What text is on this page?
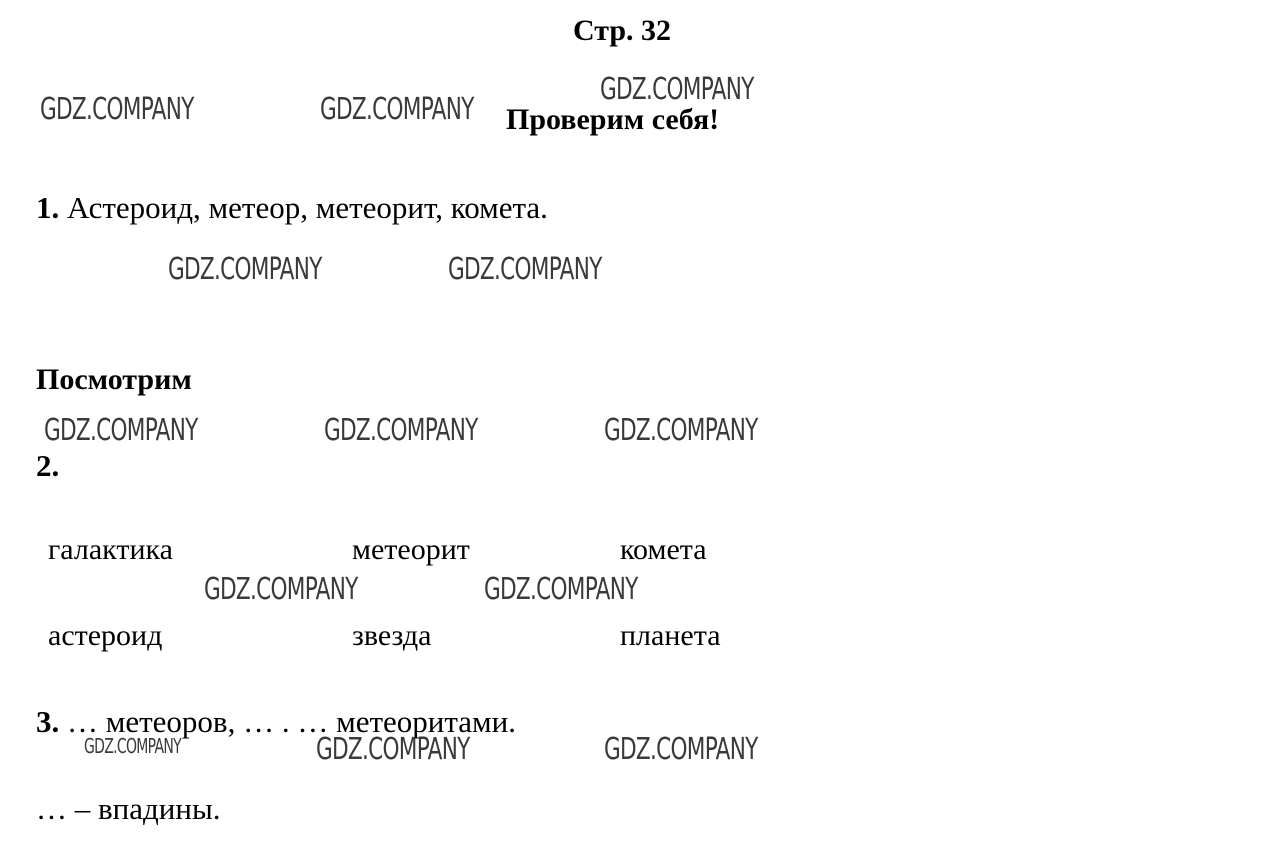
Стр. 32
Проверим себя!
1. Астероид, метеор, метеорит, комета.
Посмотрим
2.
галактика	метеорит	комета
астероид	звезда	планета
3. … метеоров, … . … метеоритами.
… – впадины.
GDZ.COMPANY	GDZ.COMPANY
GDZ.COMPANY
GDZ.COMPANY	GDZ.COMPANY
GDZ.COMPANY	GDZ.COMPANY	GDZ.COMPANY
GDZ.COMPANY	GDZ.COMPANY
GDZ.COMPANY	GDZ.COMPANY	GDZ.COMPANY
